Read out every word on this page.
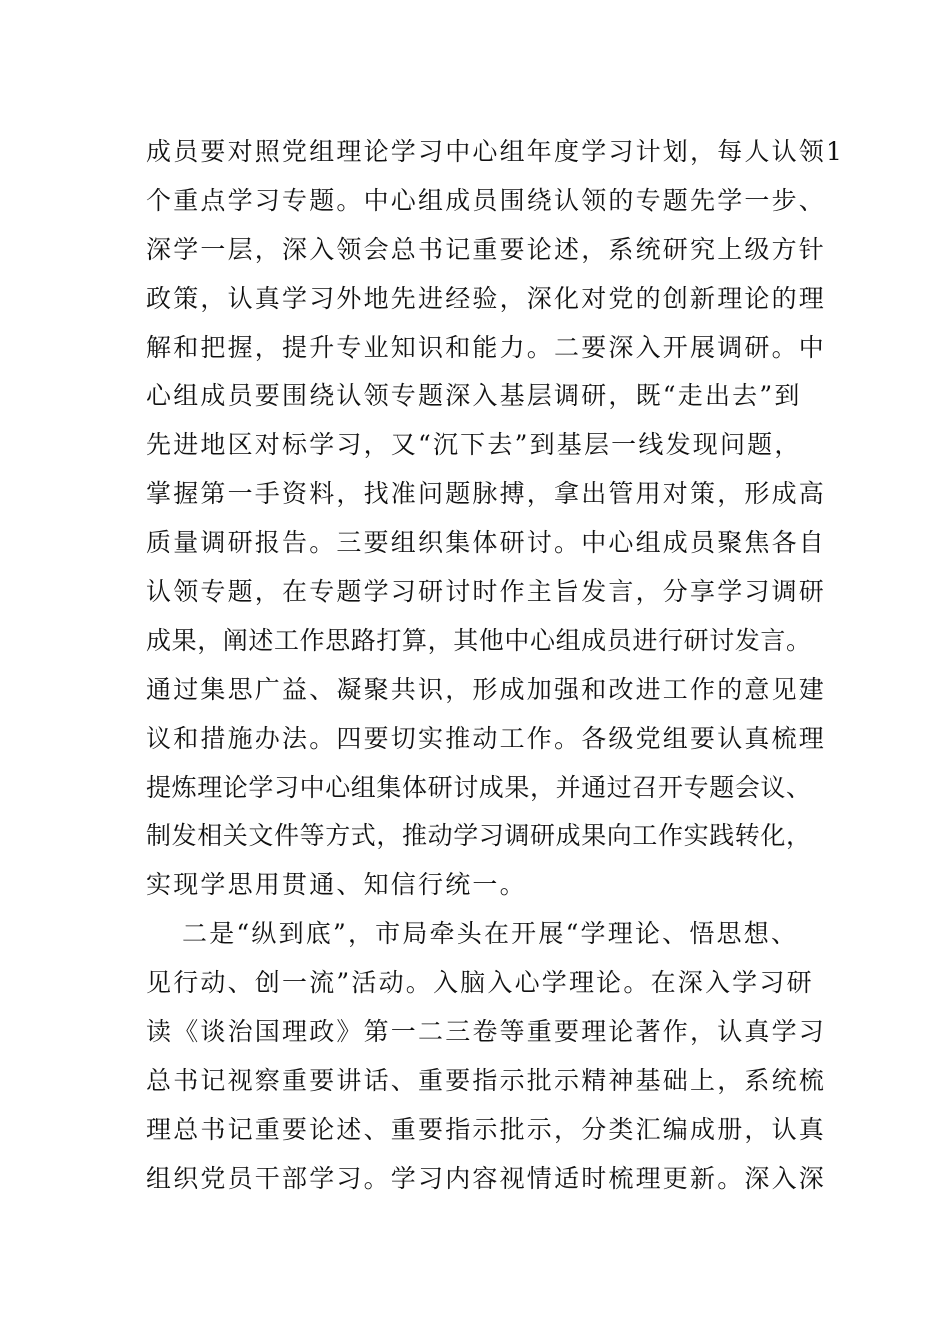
成员要对照党组理论学习中心组年度学习计划，每人认领1
个重点学习专题。中心组成员围绕认领的专题先学一步、
深学一层，深入领会总书记重要论述，系统研究上级方针
政策，认真学习外地先进经验，深化对党的创新理论的理
解和把握，提升专业知识和能力。二要深入开展调研。中
心组成员要围绕认领专题深入基层调研，既“走出去”到
先进地区对标学习，又“沉下去”到基层一线发现问题，
掌握第一手资料，找准问题脉搏，拿出管用对策，形成高
质量调研报告。三要组织集体研讨。中心组成员聚焦各自
认领专题，在专题学习研讨时作主旨发言，分享学习调研
成果，阐述工作思路打算，其他中心组成员进行研讨发言。
通过集思广益、凝聚共识，形成加强和改进工作的意见建
议和措施办法。四要切实推动工作。各级党组要认真梳理
提炼理论学习中心组集体研讨成果，并通过召开专题会议、
制发相关文件等方式，推动学习调研成果向工作实践转化，
实现学思用贯通、知信行统一。
二是“纵到底”，市局牵头在开展“学理论、悟思想、
见行动、创一流”活动。入脑入心学理论。在深入学习研
读《谈治国理政》第一二三卷等重要理论著作，认真学习
总书记视察重要讲话、重要指示批示精神基础上，系统梳
理总书记重要论述、重要指示批示，分类汇编成册，认真
组织党员干部学习。学习内容视情适时梳理更新。深入深
